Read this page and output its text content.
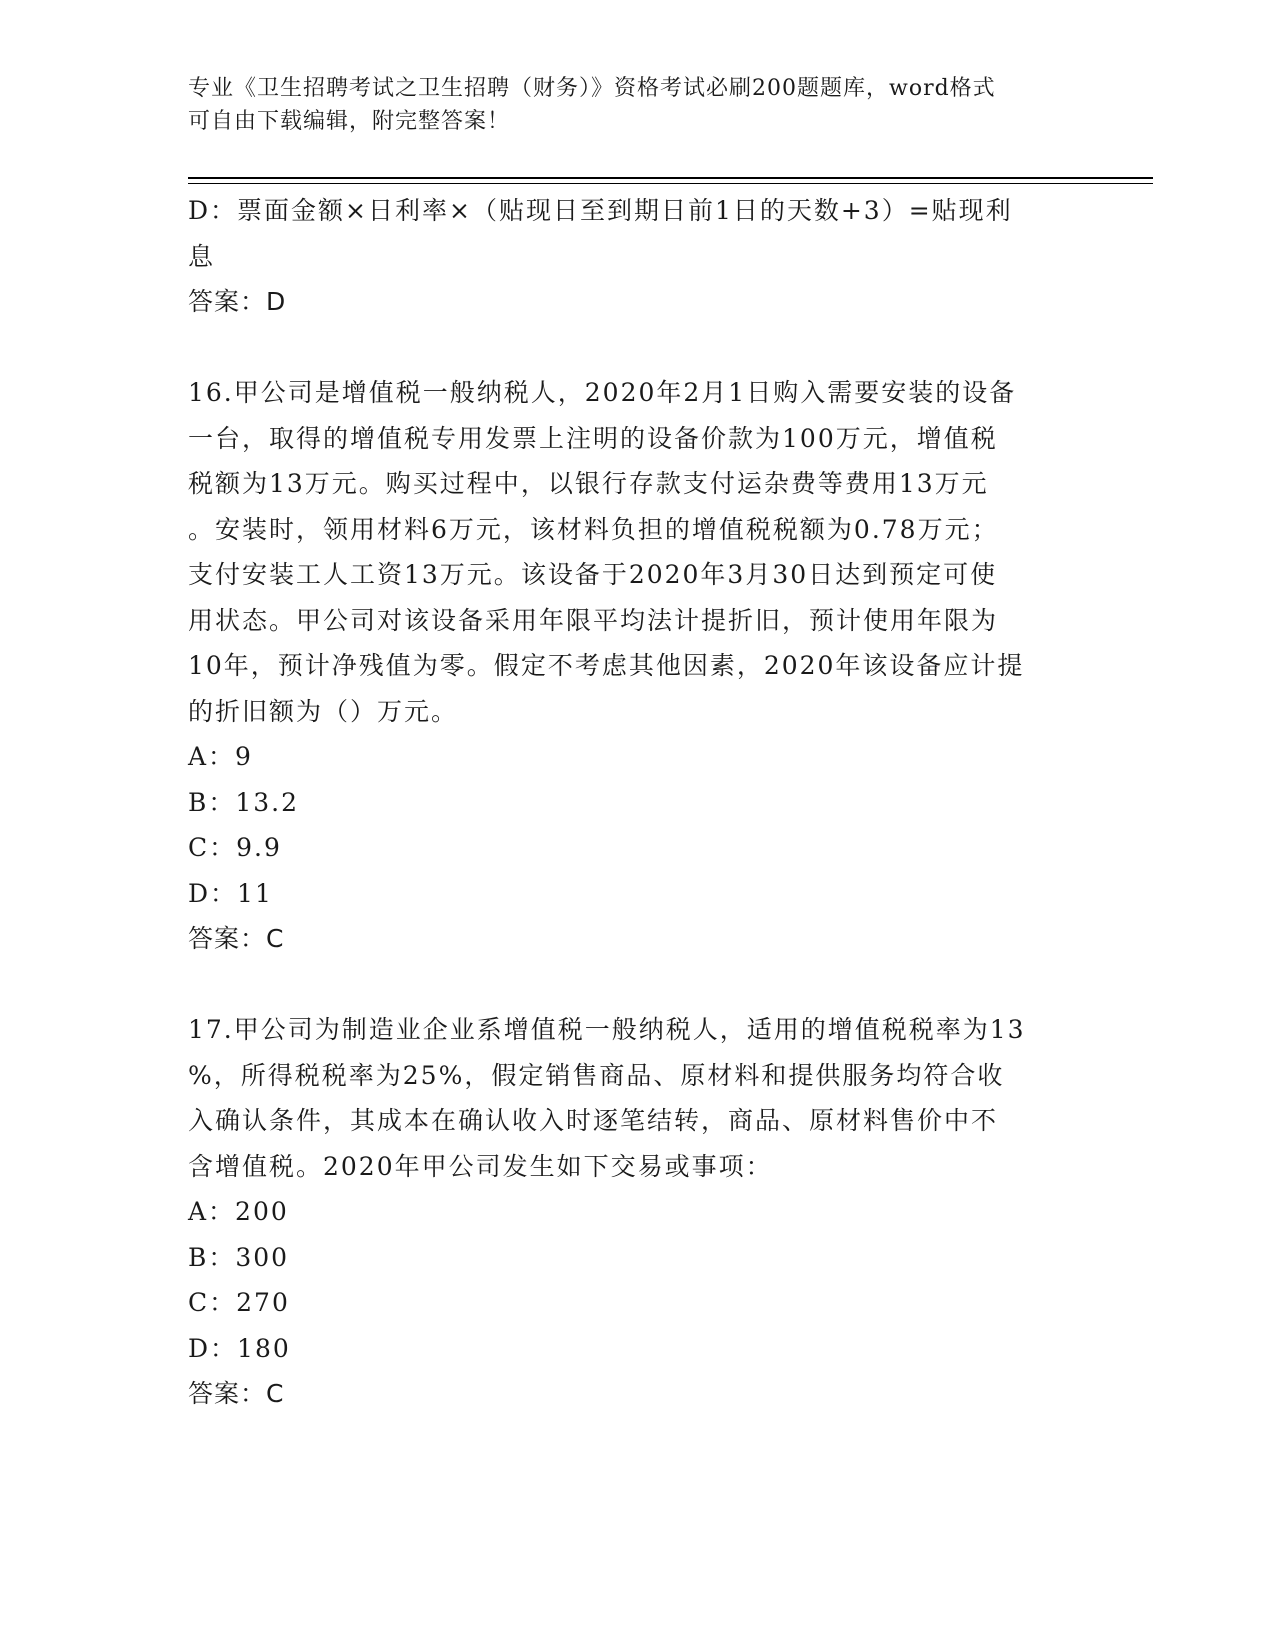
专业《卫生招聘考试之卫生招聘（财务）》资格考试必刷200题题库，word格式
可自由下载编辑，附完整答案！
D：票面金额×日利率×（贴现日至到期日前1日的天数+3）=贴现利
息
答案：D
16.甲公司是增值税一般纳税人，2020年2月1日购入需要安装的设备
一台，取得的增值税专用发票上注明的设备价款为100万元，增值税
税额为13万元。购买过程中，以银行存款支付运杂费等费用13万元
。安装时，领用材料6万元，该材料负担的增值税税额为0.78万元；
支付安装工人工资13万元。该设备于2020年3月30日达到预定可使
用状态。甲公司对该设备采用年限平均法计提折旧，预计使用年限为
10年，预计净残值为零。假定不考虑其他因素，2020年该设备应计提
的折旧额为（）万元。
A：9
B：13.2
C：9.9
D：11
答案：C
17.甲公司为制造业企业系增值税一般纳税人，适用的增值税税率为13
%，所得税税率为25%，假定销售商品、原材料和提供服务均符合收
入确认条件，其成本在确认收入时逐笔结转，商品、原材料售价中不
含增值税。2020年甲公司发生如下交易或事项：
A：200
B：300
C：270
D：180
答案：C
